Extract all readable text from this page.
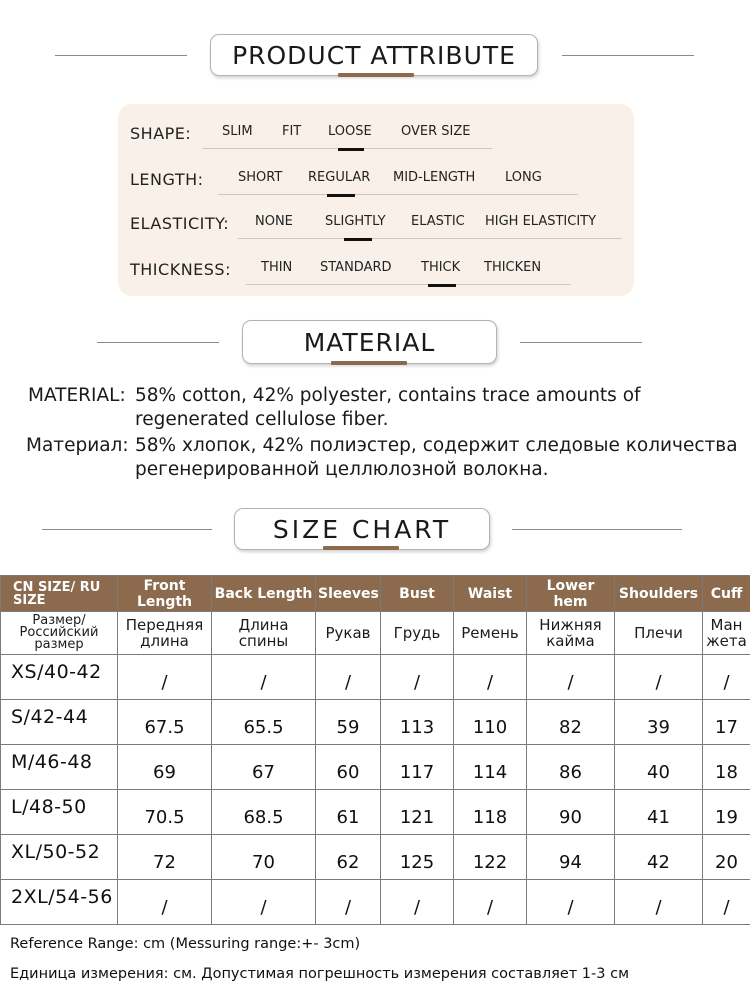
PRODUCT ATTRIBUTE
SHAPE: SLIM FIT LOOSE OVER SIZE
LENGTH:	SHORT REGULAR MID-LENGTH LONG
ELASTICITY: NONE SLIGHTLY ELASTIC HIGH ELASTICITY
THICKNESS: THIN STANDARD THICK THICKEN
MATERIAL
MATERIAL: 58% cotton, 42% polyester, contains trace amounts of
regenerated cellulose fiber.
Материал: 58% хлопок, 42% полиэстер, содержит следовые количества
регенерированной целлюлозной волокна.
SIZE CHART
CN SIZE/ RU SIZE	Front Length	Back Length	Sleeves	Bust	Waist	Lower hem	Shoulders	Cuff
Размер/ Российский размер	Передняя длина	Длина спины	Рукав	Грудь	Ремень	Нижняя кайма	Плечи	Ман жета
XS/40-42	/	/	/	/	/	/	/	/
S/42-44	67.5	65.5	59	113	110	82	39	17
M/46-48	69	67	60	117	114	86	40	18
L/48-50	70.5	68.5	61	121	118	90	41	19
XL/50-52	72	70	62	125	122	94	42	20
2XL/54-56	/	/	/	/	/	/	/	/
Reference Range: cm (Messuring range:+- 3cm)
Единица измерения: см. Допустимая погрешность измерения составляет 1-3 см
